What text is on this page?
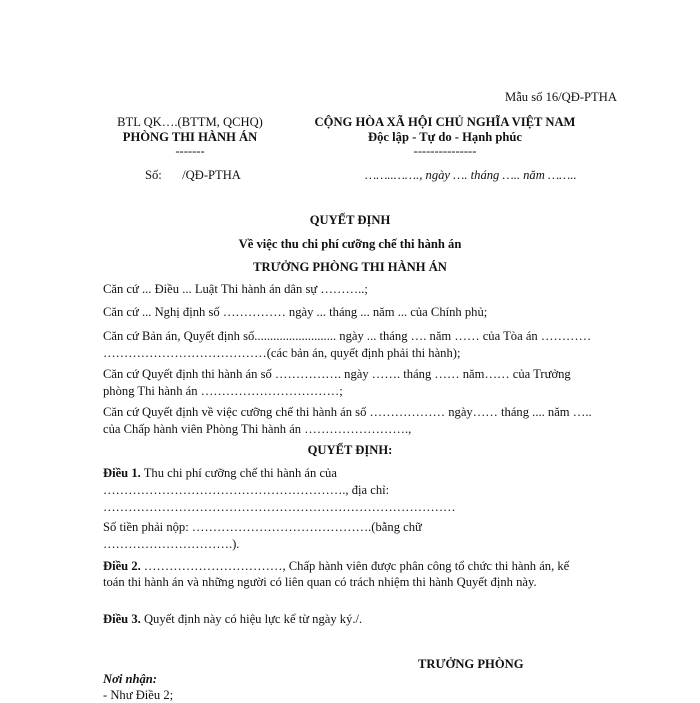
Mẫu số 16/QĐ-PTHA
BTL QK….(BTTM, QCHQ)
PHÒNG THI HÀNH ÁN
-------
Số: /QĐ-PTHA
CỘNG HÒA XÃ HỘI CHỦ NGHĨA VIỆT NAM
Độc lập - Tự do - Hạnh phúc
---------------
……..……., ngày …. tháng ….. năm ……..
QUYẾT ĐỊNH
Về việc thu chi phí cưỡng chế thi hành án
TRƯỞNG PHÒNG THI HÀNH ÁN
Căn cứ ... Điều ... Luật Thi hành án dân sự ………..;
Căn cứ ... Nghị định số …………… ngày ... tháng ... năm ... của Chính phủ;
Căn cứ Bản án, Quyết định số.......................... ngày ... tháng …. năm …… của Tòa án ………… …………………………………(các bản án, quyết định phải thi hành);
Căn cứ Quyết định thi hành án số ……………. ngày ……. tháng …… năm…… của Trưởng phòng Thi hành án ……………………………;
Căn cứ Quyết định về việc cưỡng chế thi hành án số ……………… ngày…… tháng .... năm ….. của Chấp hành viên Phòng Thi hành án …………………….,
QUYẾT ĐỊNH:
Điều 1. Thu chi phí cưỡng chế thi hành án của
…………………………………………………., địa chỉ:
…………………………………………………………………………
Số tiền phải nộp: …………………………………….(bằng chữ
………………………….).
Điều 2. ……………………………, Chấp hành viên được phân công tổ chức thi hành án, kế toán thi hành án và những người có liên quan có trách nhiệm thi hành Quyết định này.
Điều 3. Quyết định này có hiệu lực kể từ ngày ký./.
TRƯỞNG PHÒNG
Nơi nhận:
- Như Điều 2;
